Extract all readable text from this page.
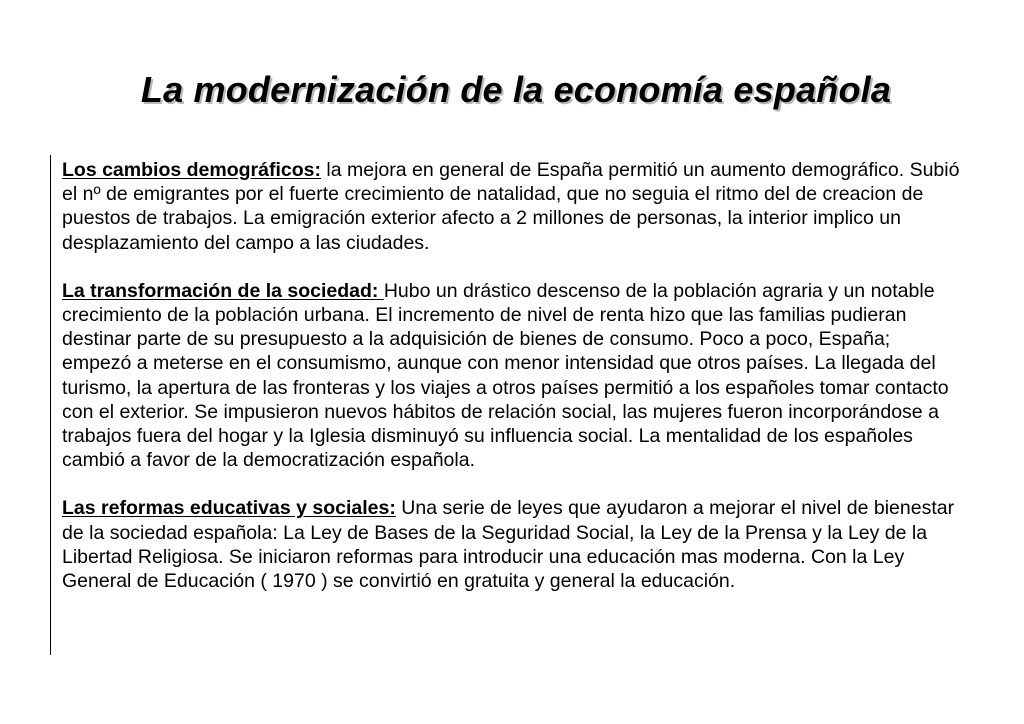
La modernización de la economía española

Los cambios demográficos: la mejora en general de España permitió un aumento demográfico. Subió el nº de emigrantes por el fuerte crecimiento de natalidad, que no seguia el ritmo del de creacion de puestos de trabajos. La emigración exterior afecto a 2 millones de personas, la interior implico un desplazamiento del campo a las ciudades.

La transformación de la sociedad: Hubo un drástico descenso de la población agraria y un notable crecimiento de la población urbana. El incremento de nivel de renta hizo que las familias pudieran destinar parte de su presupuesto a la adquisición de bienes de consumo. Poco a poco, España; empezó a meterse en el consumismo, aunque con menor intensidad que otros países. La llegada del turismo, la apertura de las fronteras y los viajes a otros países permitió a los españoles tomar contacto con el exterior. Se impusieron nuevos hábitos de relación social, las mujeres fueron incorporándose a trabajos fuera del hogar y la Iglesia disminuyó su influencia social. La mentalidad de los españoles cambió a favor de la democratización española.

Las reformas educativas y sociales: Una serie de leyes que ayudaron a mejorar el nivel de bienestar de la sociedad española: La Ley de Bases de la Seguridad Social, la Ley de la Prensa y la Ley de la Libertad Religiosa. Se iniciaron reformas para introducir una educación mas moderna. Con la Ley General de Educación ( 1970 ) se convirtió en gratuita y general la educación.
